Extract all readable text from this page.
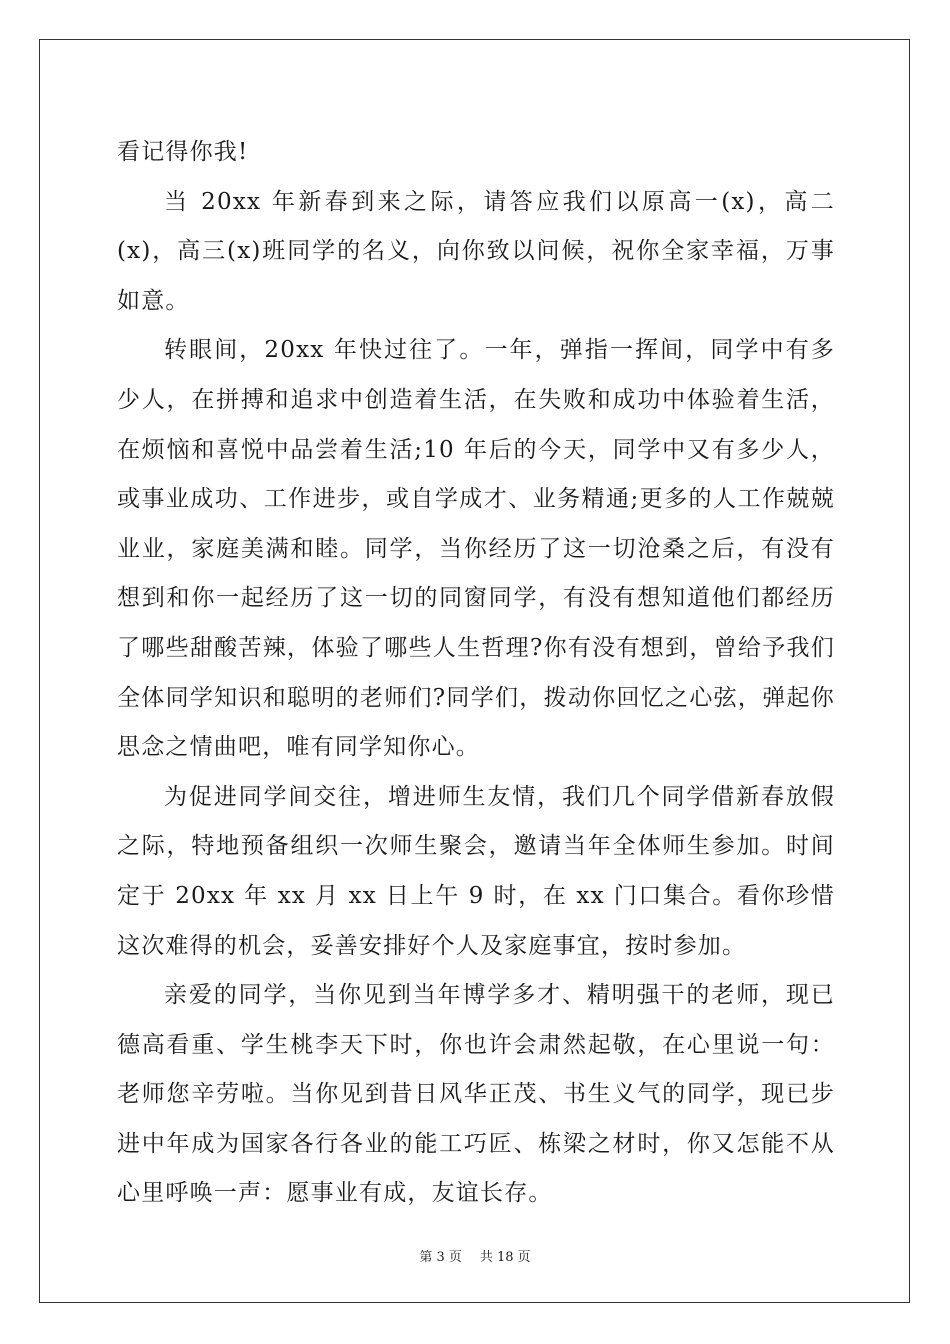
看记得你我!

当 20xx 年新春到来之际，请答应我们以原高一(x)，高二(x)，高三(x)班同学的名义，向你致以问候，祝你全家幸福，万事如意。

转眼间，20xx 年快过往了。一年，弹指一挥间，同学中有多少人，在拼搏和追求中创造着生活，在失败和成功中体验着生活，在烦恼和喜悦中品尝着生活;10 年后的今天，同学中又有多少人，或事业成功、工作进步，或自学成才、业务精通;更多的人工作兢兢业业，家庭美满和睦。同学，当你经历了这一切沧桑之后，有没有想到和你一起经历了这一切的同窗同学，有没有想知道他们都经历了哪些甜酸苦辣，体验了哪些人生哲理?你有没有想到，曾给予我们全体同学知识和聪明的老师们?同学们，拨动你回忆之心弦，弹起你思念之情曲吧，唯有同学知你心。

为促进同学间交往，增进师生友情，我们几个同学借新春放假之际，特地预备组织一次师生聚会，邀请当年全体师生参加。时间定于 20xx 年 xx 月 xx 日上午 9 时，在 xx 门口集合。看你珍惜这次难得的机会，妥善安排好个人及家庭事宜，按时参加。

亲爱的同学，当你见到当年博学多才、精明强干的老师，现已德高看重、学生桃李天下时，你也许会肃然起敬，在心里说一句：老师您辛劳啦。当你见到昔日风华正茂、书生义气的同学，现已步进中年成为国家各行各业的能工巧匠、栋梁之材时，你又怎能不从心里呼唤一声：愿事业有成，友谊长存。

第 3 页 共 18 页
